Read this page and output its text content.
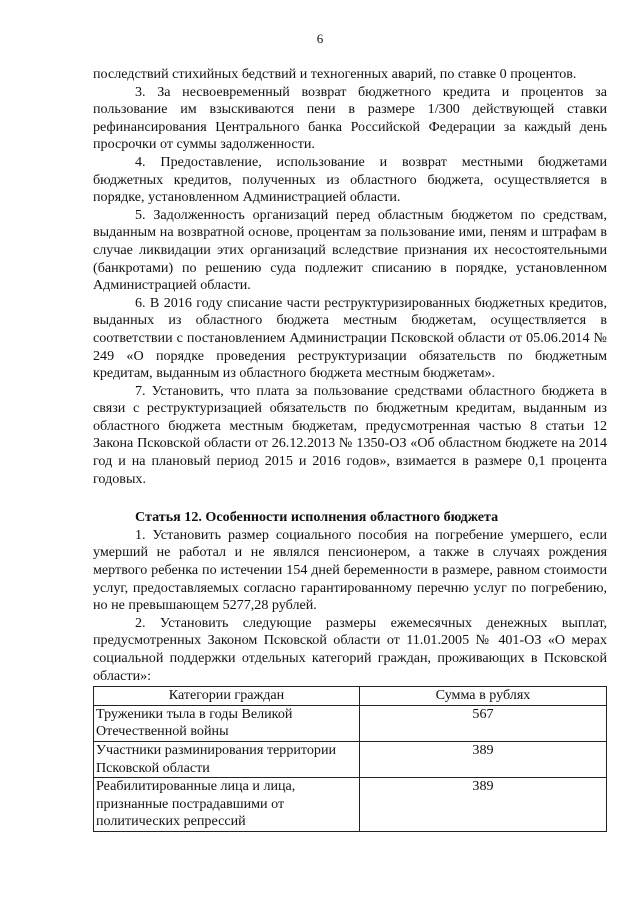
6

последствий стихийных бедствий и техногенных аварий, по ставке 0 процентов.

3. За несвоевременный возврат бюджетного кредита и процентов за пользование им взыскиваются пени в размере 1/300 действующей ставки рефинансирования Центрального банка Российской Федерации за каждый день просрочки от суммы задолженности.

4. Предоставление, использование и возврат местными бюджетами бюджетных кредитов, полученных из областного бюджета, осуществляется в порядке, установленном Администрацией области.

5. Задолженность организаций перед областным бюджетом по средствам, выданным на возвратной основе, процентам за пользование ими, пеням и штрафам в случае ликвидации этих организаций вследствие признания их несостоятельными (банкротами) по решению суда подлежит списанию в порядке, установленном Администрацией области.

6. В 2016 году списание части реструктуризированных бюджетных кредитов, выданных из областного бюджета местным бюджетам, осуществляется в соответствии с постановлением Администрации Псковской области от 05.06.2014 № 249 «О порядке проведения реструктуризации обязательств по бюджетным кредитам, выданным из областного бюджета местным бюджетам».

7. Установить, что плата за пользование средствами областного бюджета в связи с реструктуризацией обязательств по бюджетным кредитам, выданным из областного бюджета местным бюджетам, предусмотренная частью 8 статьи 12 Закона Псковской области от 26.12.2013 № 1350-ОЗ «Об областном бюджете на 2014 год и на плановый период 2015 и 2016 годов», взимается в размере 0,1 процента годовых.

Статья 12. Особенности исполнения областного бюджета

1. Установить размер социального пособия на погребение умершего, если умерший не работал и не являлся пенсионером, а также в случаях рождения мертвого ребенка по истечении 154 дней беременности в размере, равном стоимости услуг, предоставляемых согласно гарантированному перечню услуг по погребению, но не превышающем 5277,28 рублей.

2. Установить следующие размеры ежемесячных денежных выплат, предусмотренных Законом Псковской области от 11.01.2005 № 401-ОЗ «О мерах социальной поддержки отдельных категорий граждан, проживающих в Псковской области»:

Категории граждан	Сумма в рублях

Труженики тыла в годы Великой
Отечественной войны	567

Участники разминирования территории
Псковской области	389

Реабилитированные лица и лица,
признанные пострадавшими от
политических репрессий	389
